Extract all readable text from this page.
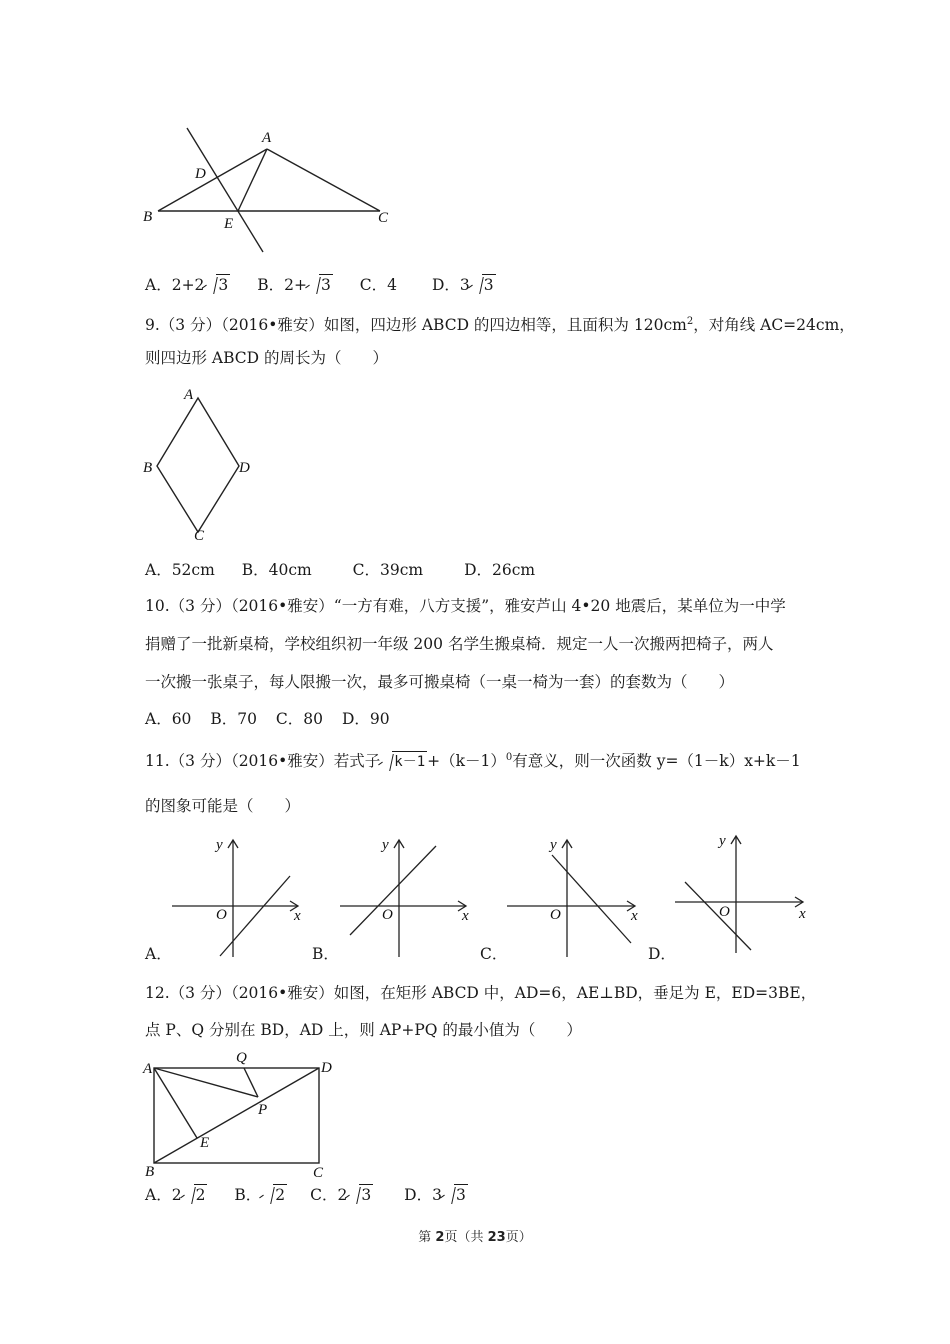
A
D
B	E	C
A．2+2 3 B．2+ 3 C．4 D．3 3
9.（3 分）（2016•雅安）如图，四边形 ABCD 的四边相等，且面积为 $120cm^2$，对角线 AC=24cm，
则四边形 ABCD 的周长为（　　）
A
B	D
C
A．52cm B．40cm	C．39cm	D．26cm
10.（3 分）（2016•雅安）“一方有难，八方支援”，雅安芦山 4•20 地震后，某单位为一中学
捐赠了一批新桌椅，学校组织初一年级 200 名学生搬桌椅．规定一人一次搬两把椅子，两人
一次搬一张桌子，每人限搬一次，最多可搬桌椅（一桌一椅为一套）的套数为（　　）
A．60 B．70 C．80 D．90
11.（3 分）（2016•雅安）若式子 $k-1 +(k-1)^0$有意义，则一次函数 y=（1－k）x+k－1
的图象可能是（　　）
y
O	x
y
O	x
y
O	x
y
O	x
A．	B．	C．	D．
12.（3 分）（2016•雅安）如图，在矩形 ABCD 中，AD=6，AE⊥BD，垂足为 E，ED=3BE，
点 P、Q 分别在 BD，AD 上，则 AP+PQ 的最小值为（　　）
A
Q
D
P
E
B	C
A．2 2 B． 2 C．2 3 D．3 3
第 2页（共 23页）
